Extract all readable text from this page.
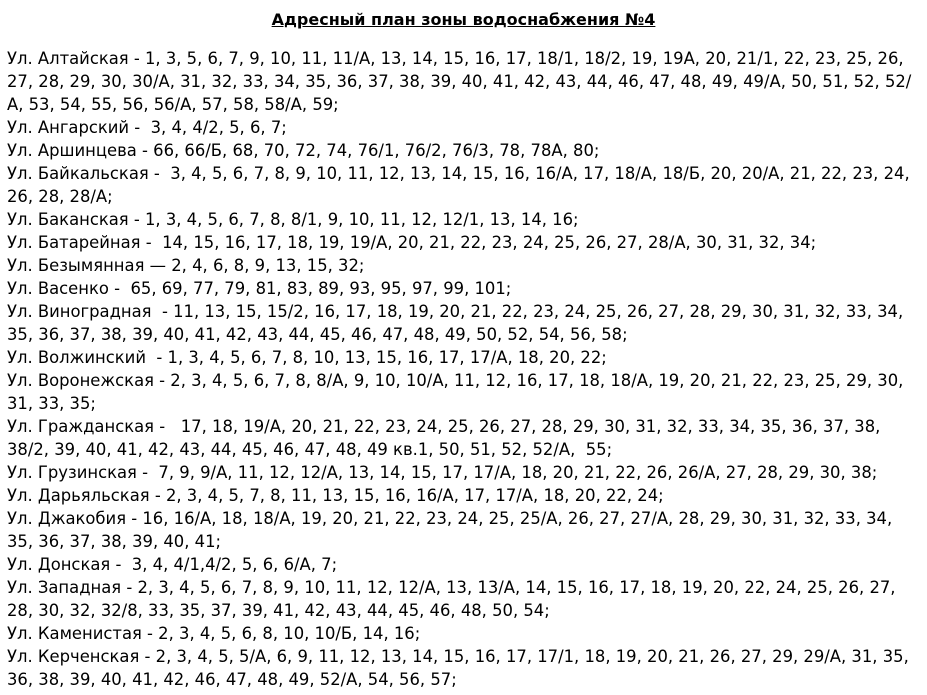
Адресный план зоны водоснабжения №4
Ул. Алтайская - 1, 3, 5, 6, 7, 9, 10, 11, 11/А, 13, 14, 15, 16, 17, 18/1, 18/2, 19, 19А, 20, 21/1, 22, 23, 25, 26, 27, 28, 29, 30, 30/А, 31, 32, 33, 34, 35, 36, 37, 38, 39, 40, 41, 42, 43, 44, 46, 47, 48, 49, 49/А, 50, 51, 52, 52/А, 53, 54, 55, 56, 56/А, 57, 58, 58/А, 59;
Ул. Ангарский -  3, 4, 4/2, 5, 6, 7;
Ул. Аршинцева - 66, 66/Б, 68, 70, 72, 74, 76/1, 76/2, 76/3, 78, 78А, 80;
Ул. Байкальская -  3, 4, 5, 6, 7, 8, 9, 10, 11, 12, 13, 14, 15, 16, 16/А, 17, 18/А, 18/Б, 20, 20/А, 21, 22, 23, 24, 26, 28, 28/А;
Ул. Баканская - 1, 3, 4, 5, 6, 7, 8, 8/1, 9, 10, 11, 12, 12/1, 13, 14, 16;
Ул. Батарейная -  14, 15, 16, 17, 18, 19, 19/А, 20, 21, 22, 23, 24, 25, 26, 27, 28/А, 30, 31, 32, 34;
Ул. Безымянная — 2, 4, 6, 8, 9, 13, 15, 32;
Ул. Васенко -  65, 69, 77, 79, 81, 83, 89, 93, 95, 97, 99, 101;
Ул. Виноградная  - 11, 13, 15, 15/2, 16, 17, 18, 19, 20, 21, 22, 23, 24, 25, 26, 27, 28, 29, 30, 31, 32, 33, 34, 35, 36, 37, 38, 39, 40, 41, 42, 43, 44, 45, 46, 47, 48, 49, 50, 52, 54, 56, 58;
Ул. Волжинский  - 1, 3, 4, 5, 6, 7, 8, 10, 13, 15, 16, 17, 17/А, 18, 20, 22;
Ул. Воронежская - 2, 3, 4, 5, 6, 7, 8, 8/А, 9, 10, 10/А, 11, 12, 16, 17, 18, 18/А, 19, 20, 21, 22, 23, 25, 29, 30, 31, 33, 35;
Ул. Гражданская -   17, 18, 19/А, 20, 21, 22, 23, 24, 25, 26, 27, 28, 29, 30, 31, 32, 33, 34, 35, 36, 37, 38, 38/2, 39, 40, 41, 42, 43, 44, 45, 46, 47, 48, 49 кв.1, 50, 51, 52, 52/А,  55;
Ул. Грузинская -  7, 9, 9/А, 11, 12, 12/А, 13, 14, 15, 17, 17/А, 18, 20, 21, 22, 26, 26/А, 27, 28, 29, 30, 38;
Ул. Дарьяльская - 2, 3, 4, 5, 7, 8, 11, 13, 15, 16, 16/А, 17, 17/А, 18, 20, 22, 24;
Ул. Джакобия - 16, 16/А, 18, 18/А, 19, 20, 21, 22, 23, 24, 25, 25/А, 26, 27, 27/А, 28, 29, 30, 31, 32, 33, 34, 35, 36, 37, 38, 39, 40, 41;
Ул. Донская -  3, 4, 4/1,4/2, 5, 6, 6/А, 7;
Ул. Западная - 2, 3, 4, 5, 6, 7, 8, 9, 10, 11, 12, 12/А, 13, 13/А, 14, 15, 16, 17, 18, 19, 20, 22, 24, 25, 26, 27, 28, 30, 32, 32/8, 33, 35, 37, 39, 41, 42, 43, 44, 45, 46, 48, 50, 54;
Ул. Каменистая - 2, 3, 4, 5, 6, 8, 10, 10/Б, 14, 16;
Ул. Керченская - 2, 3, 4, 5, 5/А, 6, 9, 11, 12, 13, 14, 15, 16, 17, 17/1, 18, 19, 20, 21, 26, 27, 29, 29/А, 31, 35, 36, 38, 39, 40, 41, 42, 46, 47, 48, 49, 52/А, 54, 56, 57;
